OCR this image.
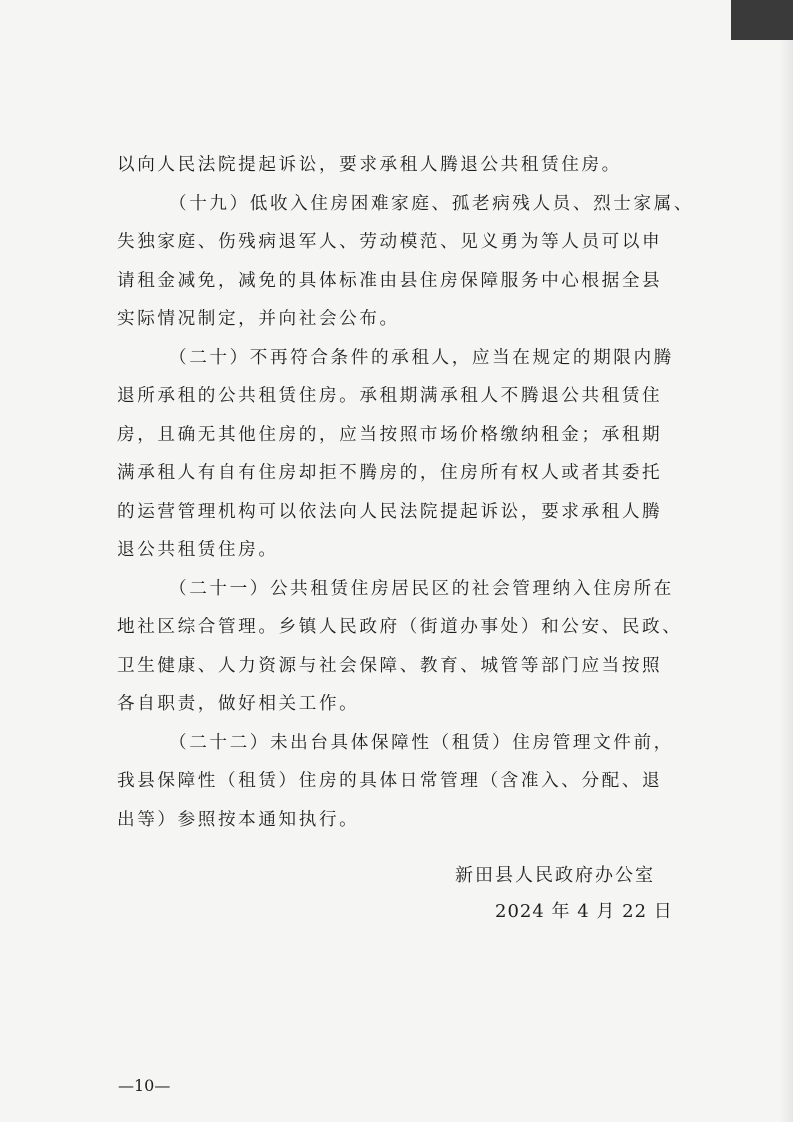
以向人民法院提起诉讼，要求承租人腾退公共租赁住房。
（十九）低收入住房困难家庭、孤老病残人员、烈士家属、
失独家庭、伤残病退军人、劳动模范、见义勇为等人员可以申
请租金减免，减免的具体标准由县住房保障服务中心根据全县
实际情况制定，并向社会公布。
（二十）不再符合条件的承租人，应当在规定的期限内腾
退所承租的公共租赁住房。承租期满承租人不腾退公共租赁住
房，且确无其他住房的，应当按照市场价格缴纳租金；承租期
满承租人有自有住房却拒不腾房的，住房所有权人或者其委托
的运营管理机构可以依法向人民法院提起诉讼，要求承租人腾
退公共租赁住房。
（二十一）公共租赁住房居民区的社会管理纳入住房所在
地社区综合管理。乡镇人民政府（街道办事处）和公安、民政、
卫生健康、人力资源与社会保障、教育、城管等部门应当按照
各自职责，做好相关工作。
（二十二）未出台具体保障性（租赁）住房管理文件前，
我县保障性（租赁）住房的具体日常管理（含准入、分配、退
出等）参照按本通知执行。
新田县人民政府办公室
2024 年 4 月 22 日
—10—
